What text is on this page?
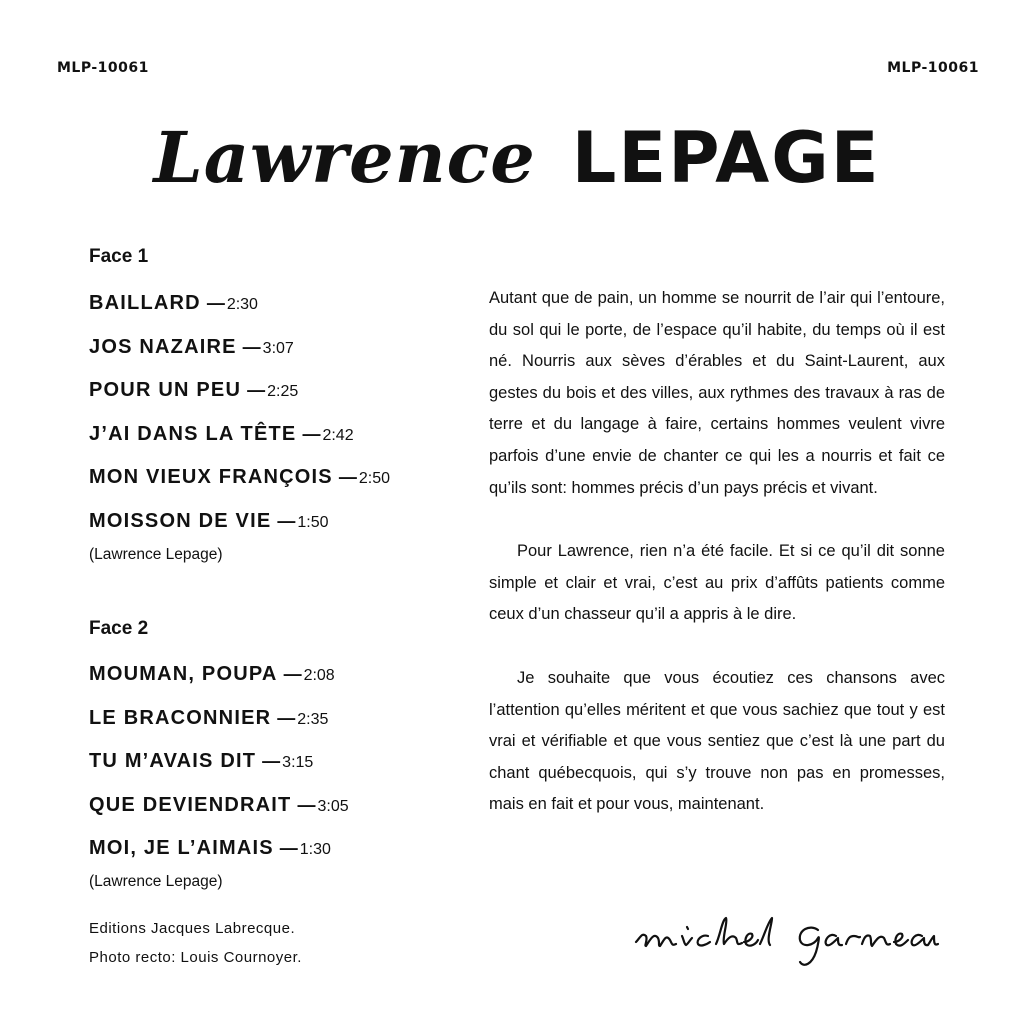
MLP-10061	MLP-10061
Lawrence LEPAGE
Face 1
BAILLARD — 2:30
JOS NAZAIRE — 3:07
POUR UN PEU — 2:25
J’AI DANS LA TÊTE — 2:42
MON VIEUX FRANÇOIS — 2:50
MOISSON DE VIE — 1:50
(Lawrence Lepage)
Face 2
MOUMAN, POUPA — 2:08
LE BRACONNIER — 2:35
TU M’AVAIS DIT — 3:15
QUE DEVIENDRAIT — 3:05
MOI, JE L’AIMAIS — 1:30
(Lawrence Lepage)
Editions Jacques Labrecque.
Photo recto: Louis Cournoyer.

Autant que de pain, un homme se nourrit de l’air qui l’entoure, du sol qui le porte, de l’espace qu’il habite, du temps où il est né. Nourris aux sèves d’érables et du Saint-Laurent, aux gestes du bois et des villes, aux rythmes des travaux à ras de terre et du langage à faire, certains hommes veulent vivre parfois d’une envie de chanter ce qui les a nourris et fait ce qu’ils sont: hommes précis d’un pays précis et vivant.

Pour Lawrence, rien n’a été facile. Et si ce qu’il dit sonne simple et clair et vrai, c’est au prix d’affûts patients comme ceux d’un chasseur qu’il a appris à le dire.

Je souhaite que vous écoutiez ces chansons avec l’attention qu’elles méritent et que vous sachiez que tout y est vrai et vérifiable et que vous sentiez que c’est là une part du chant québecquois, qui s’y trouve non pas en promesses, mais en fait et pour vous, maintenant.
